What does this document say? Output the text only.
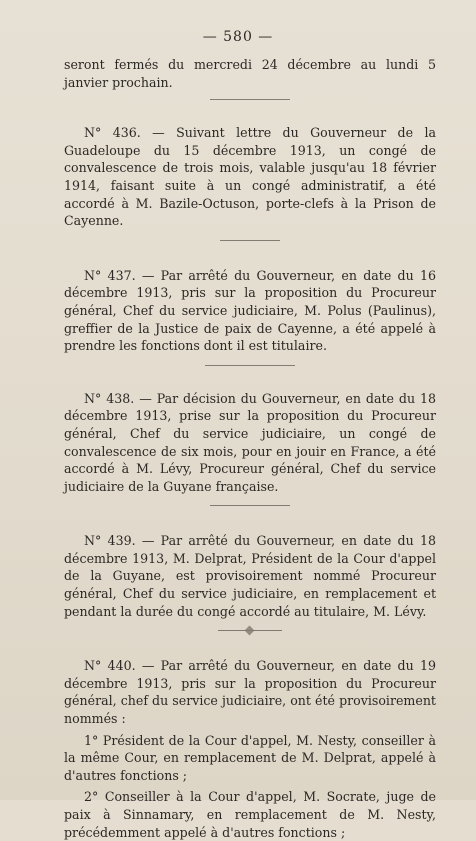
— 580 —

seront fermés du mercredi 24 décembre au lundi 5 janvier prochain.

N° 436. — Suivant lettre du Gouverneur de la Guadeloupe du 15 décembre 1913, un congé de convalescence de trois mois, valable jusqu'au 18 février 1914, faisant suite à un congé administratif, a été accordé à M. Bazile-Octuson, porte-clefs à la Prison de Cayenne.

N° 437. — Par arrêté du Gouverneur, en date du 16 décembre 1913, pris sur la proposition du Procureur général, Chef du service judiciaire, M. Polus (Paulinus), greffier de la Justice de paix de Cayenne, a été appelé à prendre les fonctions dont il est titulaire.

N° 438. — Par décision du Gouverneur, en date du 18 décembre 1913, prise sur la proposition du Procureur général, Chef du service judiciaire, un congé de convalescence de six mois, pour en jouir en France, a été accordé à M. Lévy, Procureur général, Chef du service judiciaire de la Guyane française.

N° 439. — Par arrêté du Gouverneur, en date du 18 décembre 1913, M. Delprat, Président de la Cour d'appel de la Guyane, est provisoirement nommé Procureur général, Chef du service judiciaire, en remplacement et pendant la durée du congé accordé au titulaire, M. Lévy.

N° 440. — Par arrêté du Gouverneur, en date du 19 décembre 1913, pris sur la proposition du Procureur général, chef du service judiciaire, ont été provisoirement nommés :

1° Président de la Cour d'appel, M. Nesty, conseiller à la même Cour, en remplacement de M. Delprat, appelé à d'autres fonctions ;

2° Conseiller à la Cour d'appel, M. Socrate, juge de paix à Sinnamary, en remplacement de M. Nesty, précédemment appelé à d'autres fonctions ;
